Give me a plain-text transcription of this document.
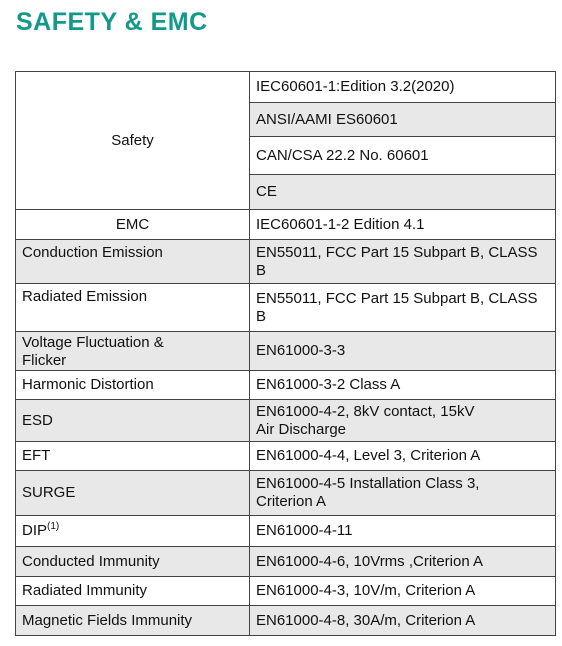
SAFETY & EMC
Safety	IEC60601-1:Edition 3.2(2020)
	ANSI/AAMI ES60601
	CAN/CSA 22.2 No. 60601
	CE
EMC	IEC60601-1-2 Edition 4.1
Conduction Emission	EN55011, FCC Part 15 Subpart B, CLASS B
Radiated Emission	EN55011, FCC Part 15 Subpart B, CLASS B

Voltage Fluctuation & Flicker	EN61000-3-3
Harmonic Distortion	EN61000-3-2 Class A
ESD	EN61000-4-2, 8kV contact, 15kV Air Discharge

EFT	EN61000-4-4, Level 3, Criterion A
SURGE	EN61000-4-5 Installation Class 3, Criterion A

DIP$^{(1)}$	EN61000-4-11
Conducted Immunity	EN61000-4-6, 10Vrms ,Criterion A
Radiated Immunity	EN61000-4-3, 10V/m, Criterion A
Magnetic Fields Immunity	EN61000-4-8, 30A/m, Criterion A
